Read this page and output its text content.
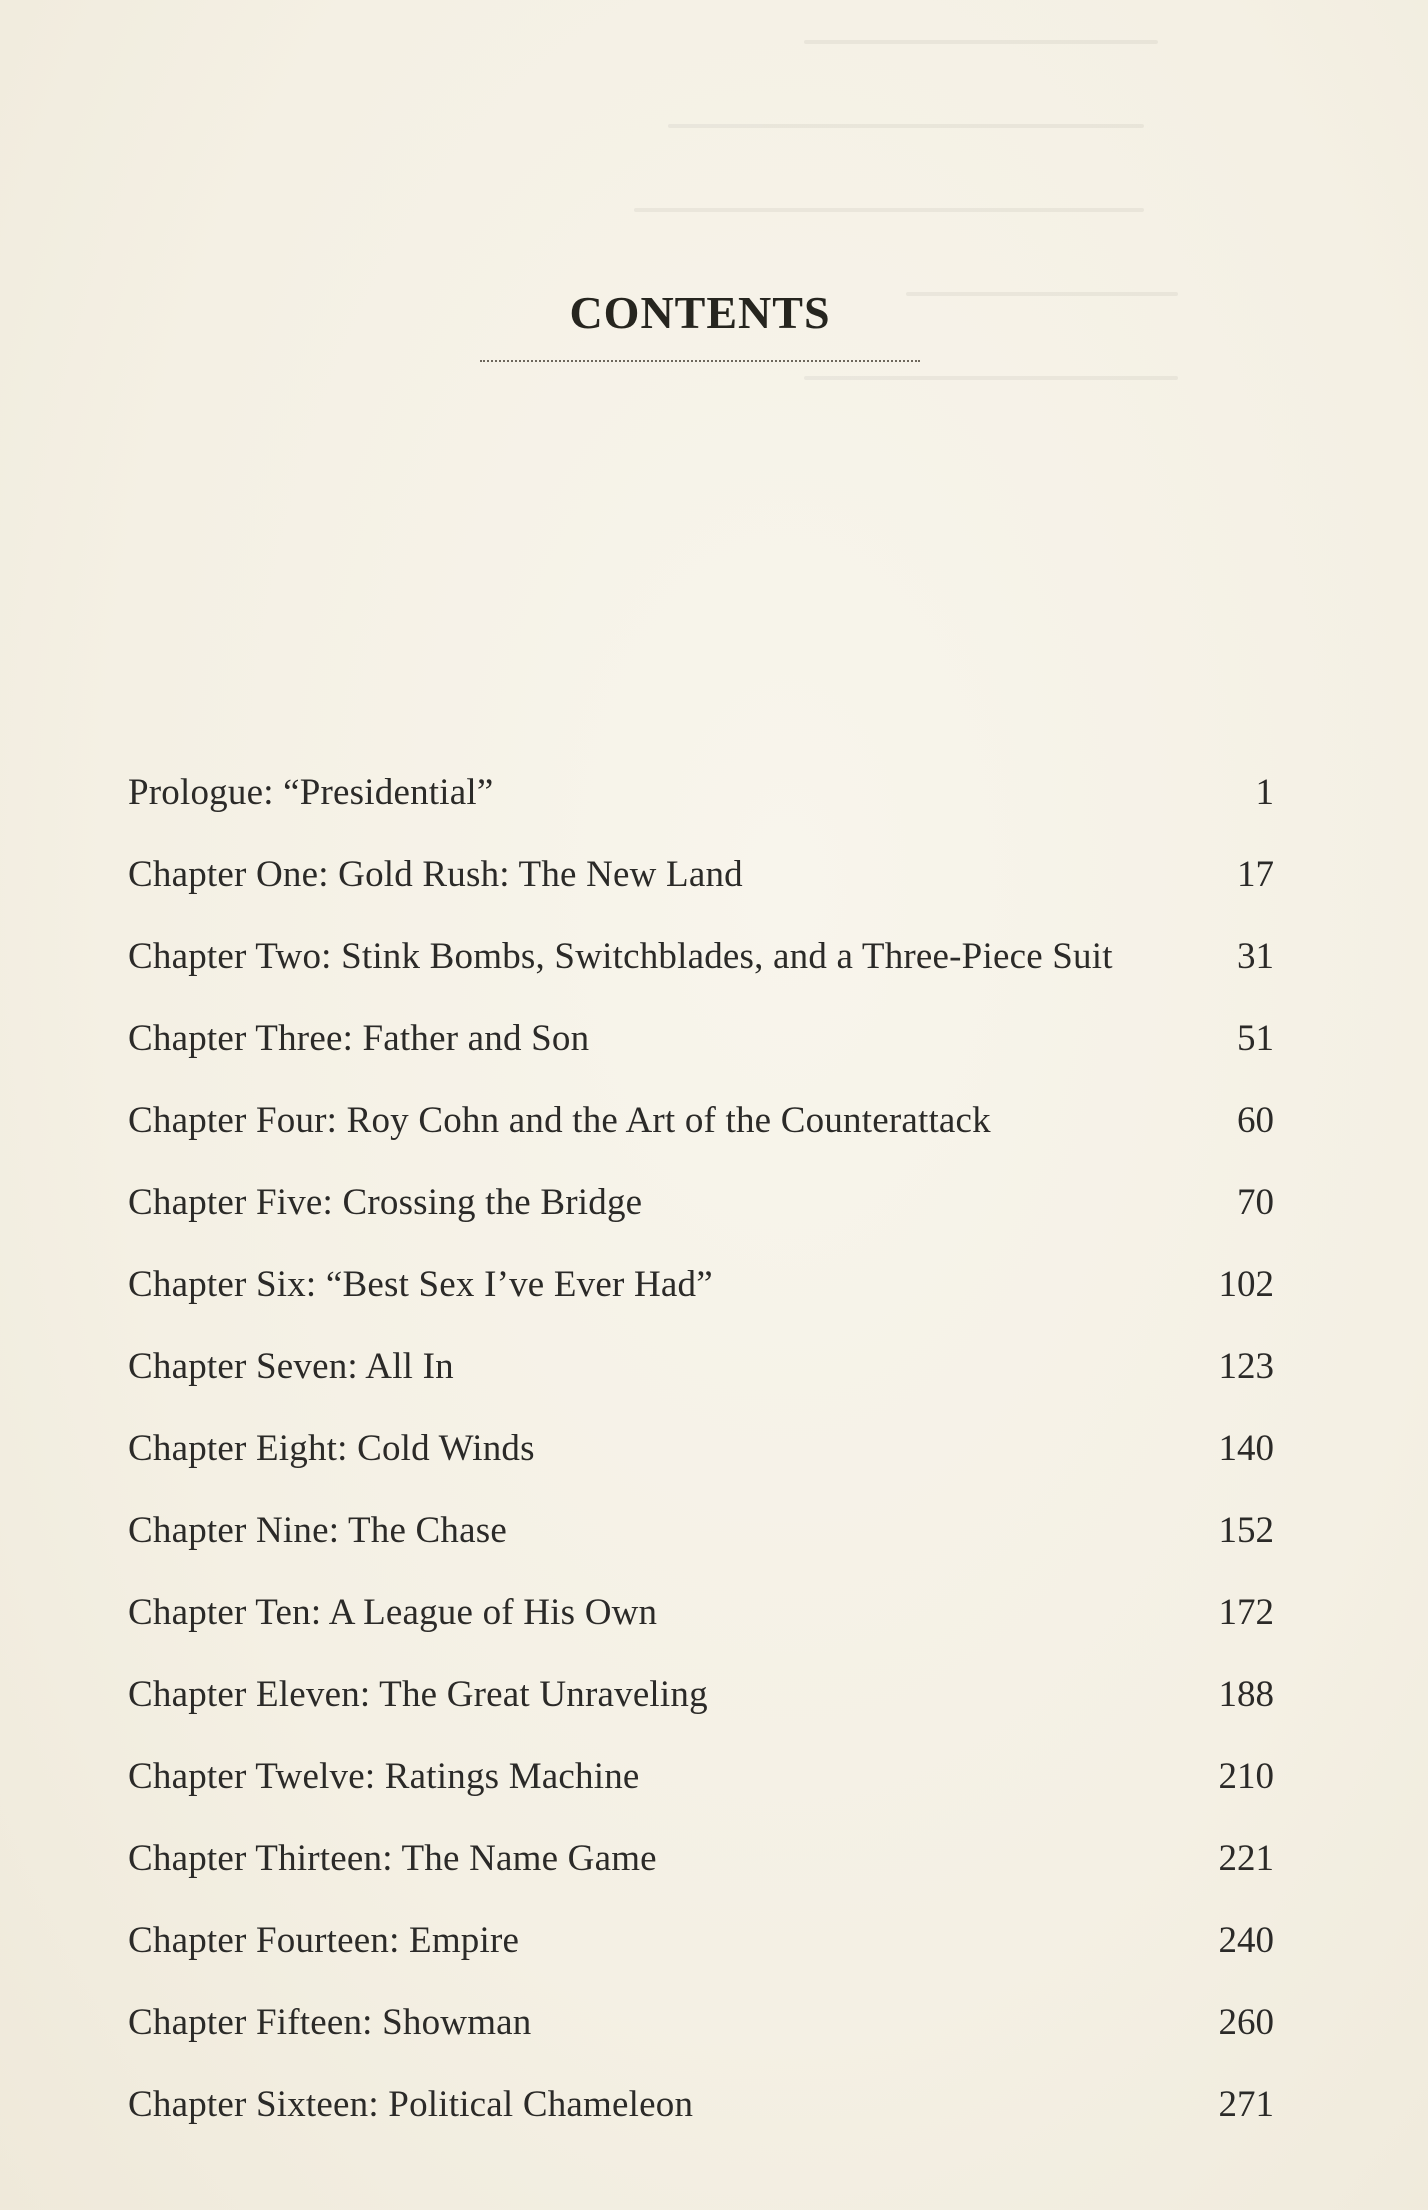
CONTENTS
Prologue: “Presidential”	1
Chapter One: Gold Rush: The New Land	17
Chapter Two: Stink Bombs, Switchblades, and a Three-Piece Suit	31
Chapter Three: Father and Son	51
Chapter Four: Roy Cohn and the Art of the Counterattack	60
Chapter Five: Crossing the Bridge	70
Chapter Six: “Best Sex I’ve Ever Had”	102
Chapter Seven: All In	123
Chapter Eight: Cold Winds	140
Chapter Nine: The Chase	152
Chapter Ten: A League of His Own	172
Chapter Eleven: The Great Unraveling	188
Chapter Twelve: Ratings Machine	210
Chapter Thirteen: The Name Game	221
Chapter Fourteen: Empire	240
Chapter Fifteen: Showman	260
Chapter Sixteen: Political Chameleon	271
